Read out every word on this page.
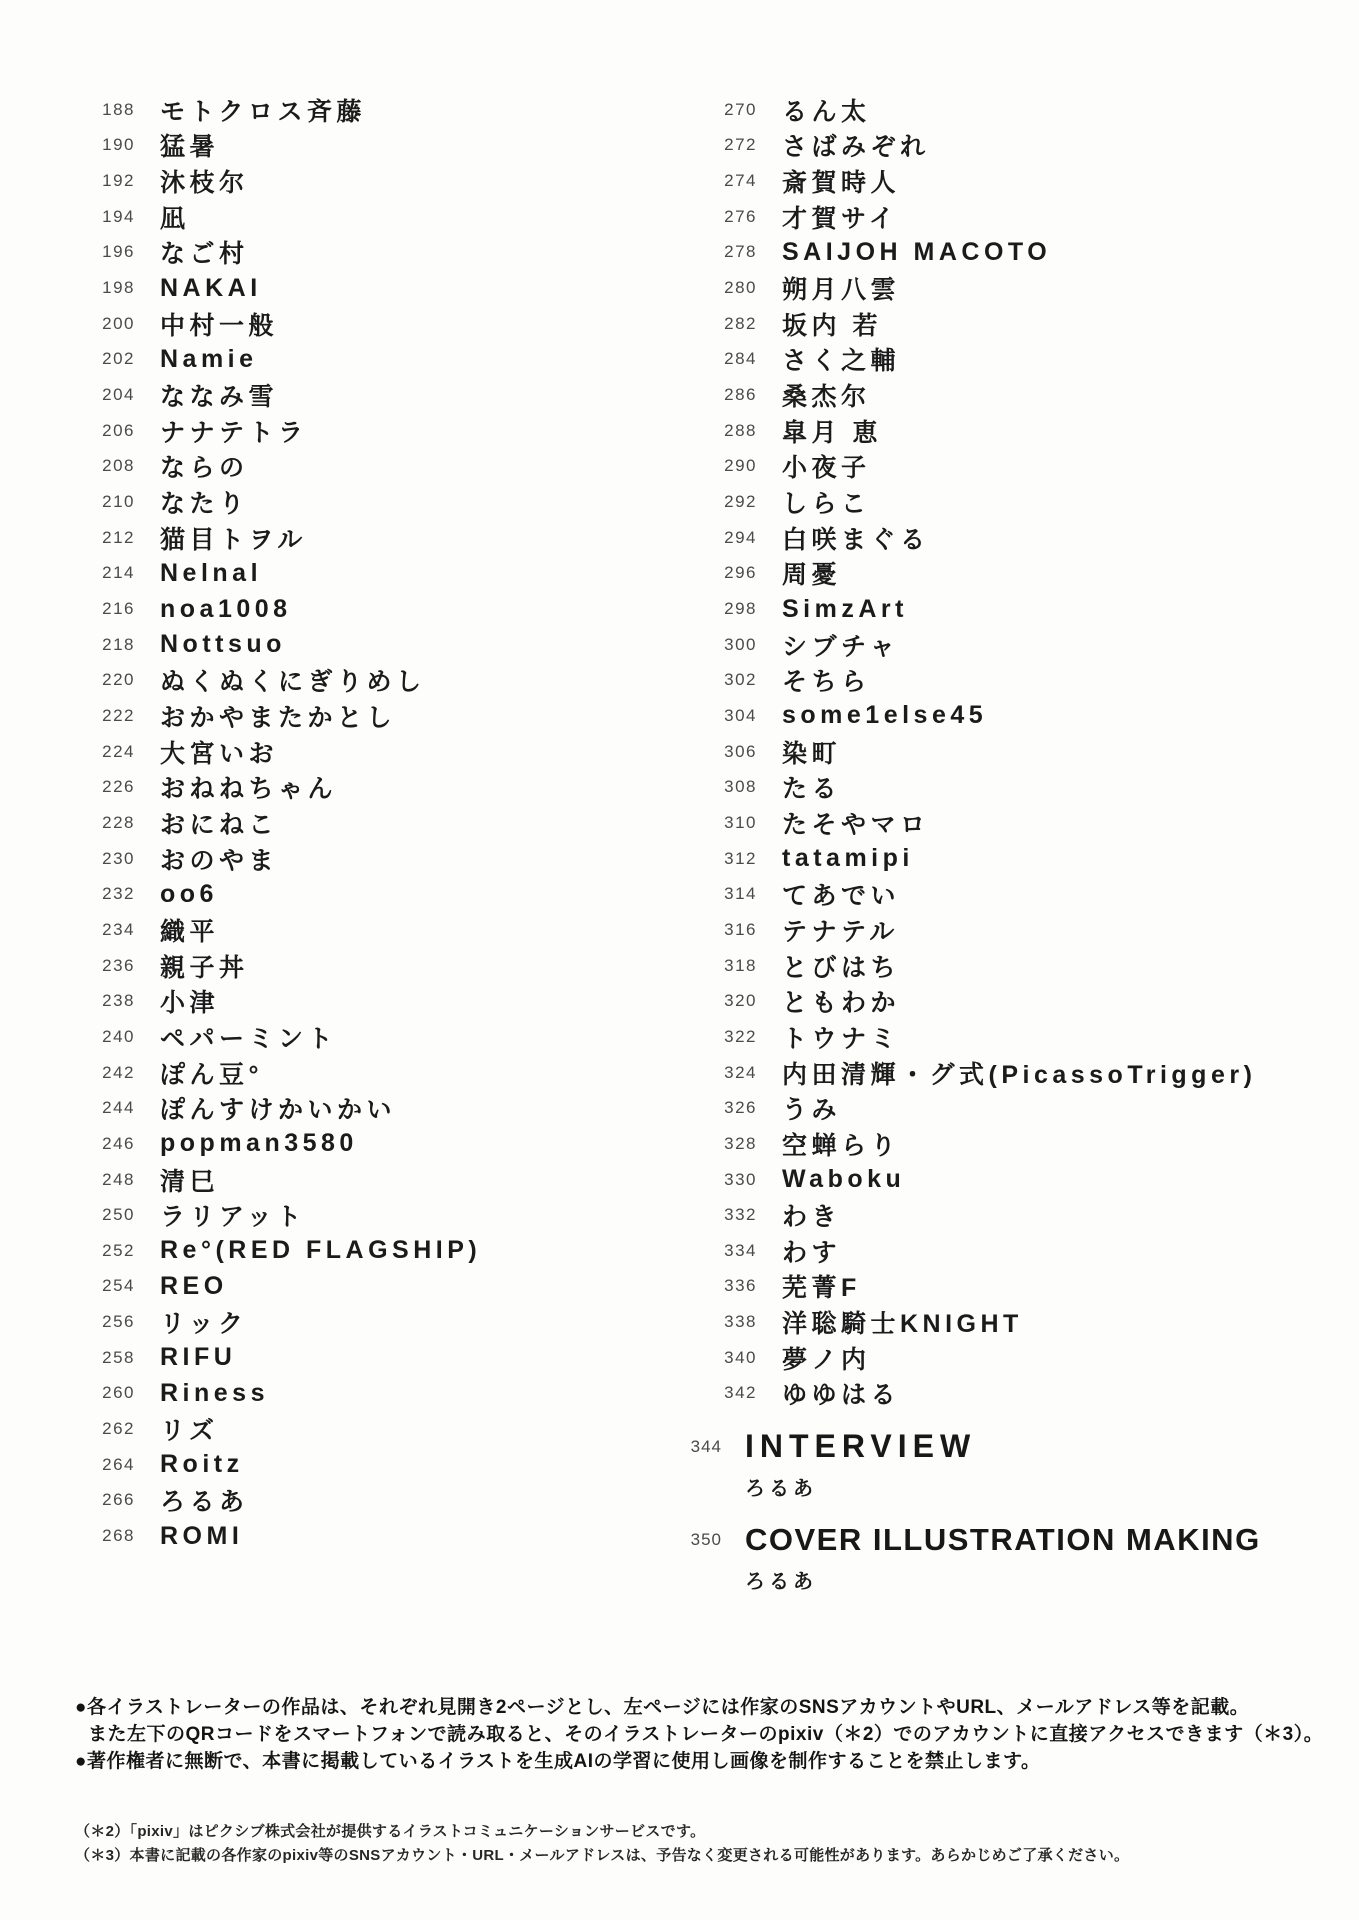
188 モトクロス斉藤
190 猛暑
192 沐枝尔
194 凪
196 なご村
198 NAKAI
200 中村一般
202 Namie
204 ななみ雪
206 ナナテトラ
208 ならの
210 なたり
212 猫目トヲル
214 Nelnal
216 noa1008
218 Nottsuo
220 ぬくぬくにぎりめし
222 おかやまたかとし
224 大宮いお
226 おねねちゃん
228 おにねこ
230 おのやま
232 oo6
234 織平
236 親子丼
238 小津
240 ペパーミント
242 ぽん豆°
244 ぽんすけかいかい
246 popman3580
248 清巳
250 ラリアット
252 Re°(RED FLAGSHIP)
254 REO
256 リック
258 RIFU
260 Riness
262 リズ
264 Roitz
266 ろるあ
268 ROMI
270 るん太
272 さばみぞれ
274 斎賀時人
276 才賀サイ
278 SAIJOH MACOTO
280 朔月八雲
282 坂内 若
284 さく之輔
286 桑杰尔
288 皐月 恵
290 小夜子
292 しらこ
294 白咲まぐる
296 周憂
298 SimzArt
300 シブチャ
302 そちら
304 some1else45
306 染町
308 たる
310 たそやマロ
312 tatamipi
314 てあでい
316 テナテル
318 とびはち
320 ともわか
322 トウナミ
324 内田清輝・グ式(PicassoTrigger)
326 うみ
328 空蝉らり
330 Waboku
332 わき
334 わす
336 芜菁F
338 洋聡騎士KNIGHT
340 夢ノ内
342 ゆゆはる
344 INTERVIEW
ろるあ
350 COVER ILLUSTRATION MAKING
ろるあ
●各イラストレーターの作品は、それぞれ見開き2ページとし、左ページには作家のSNSアカウントやURL、メールアドレス等を記載。
また左下のQRコードをスマートフォンで読み取ると、そのイラストレーターのpixiv（＊2）でのアカウントに直接アクセスできます（＊3）。
●著作権者に無断で、本書に掲載しているイラストを生成AIの学習に使用し画像を制作することを禁止します。
（＊2）「pixiv」はピクシブ株式会社が提供するイラストコミュニケーションサービスです。
（＊3）本書に記載の各作家のpixiv等のSNSアカウント・URL・メールアドレスは、予告なく変更される可能性があります。あらかじめご了承ください。
